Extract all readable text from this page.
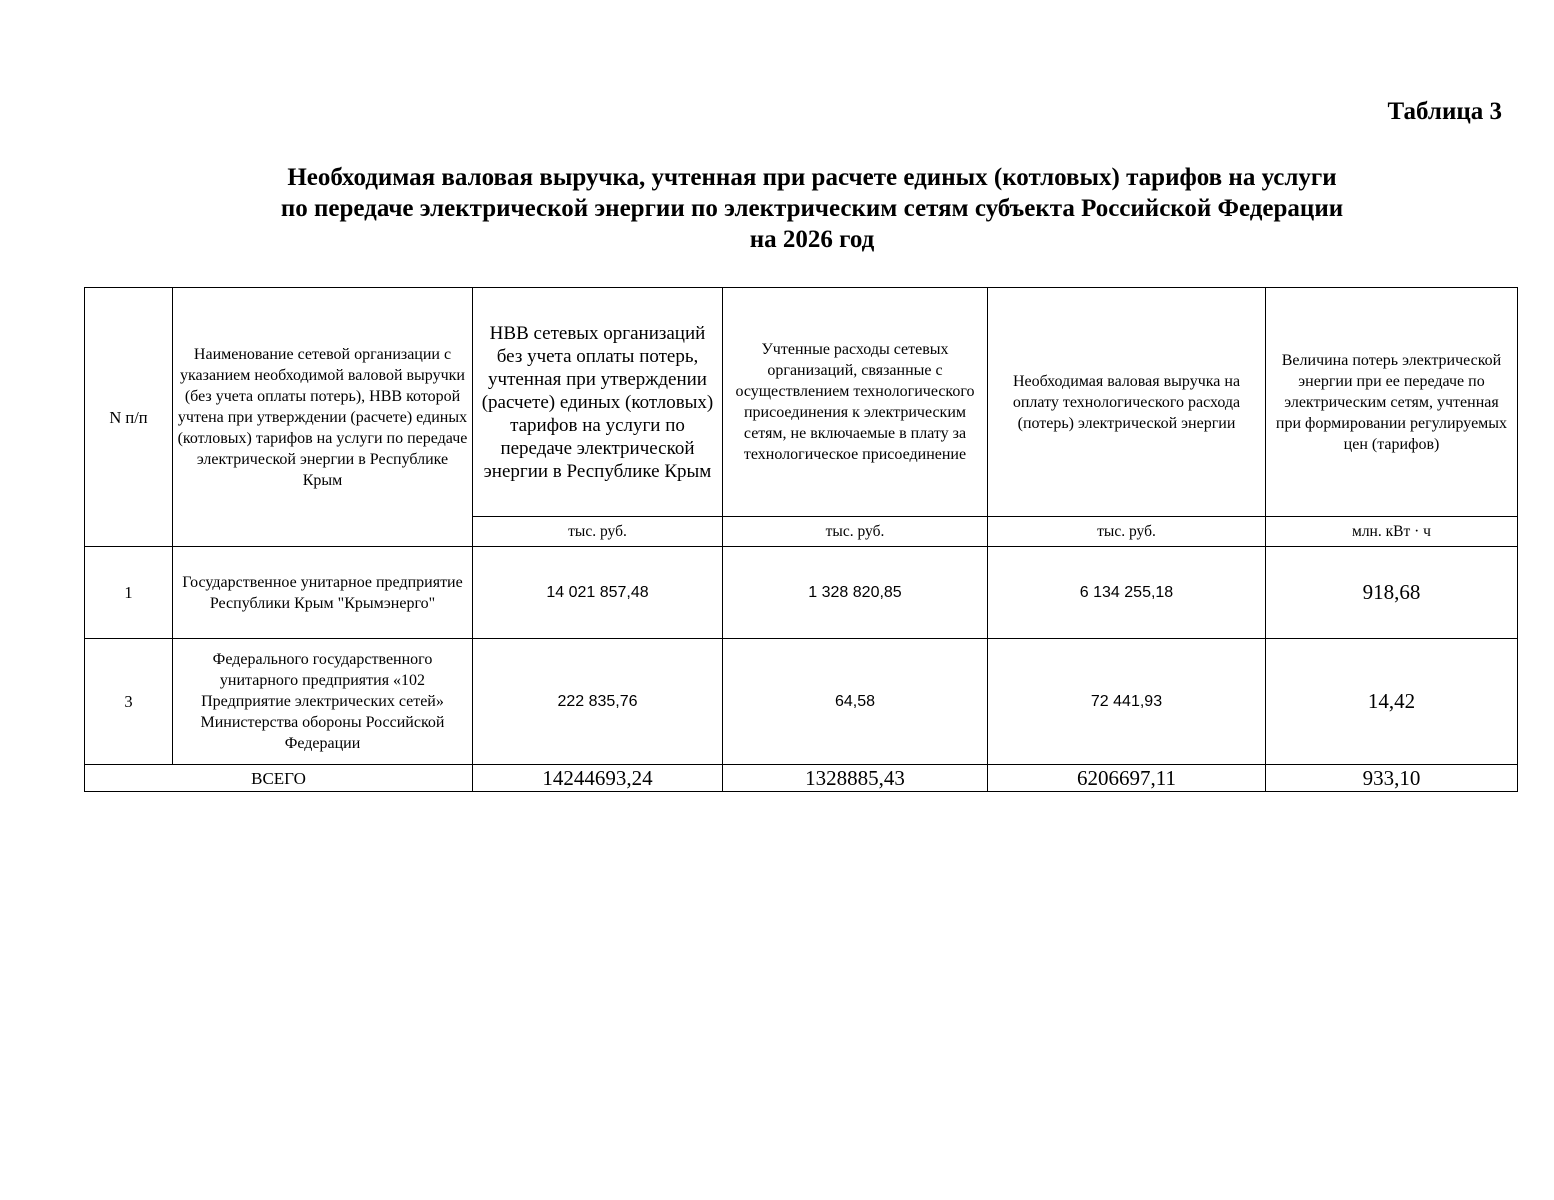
Таблица 3
Необходимая валовая выручка, учтенная при расчете единых (котловых) тарифов на услуги
по передаче электрической энергии по электрическим сетям субъекта Российской Федерации
на 2026 год
N п/п	Наименование сетевой организации с указанием необходимой валовой выручки (без учета оплаты потерь), НВВ которой учтена при утверждении (расчете) единых (котловых) тарифов на услуги по передаче электрической энергии в Республике Крым	НВВ сетевых организаций без учета оплаты потерь, учтенная при утверждении (расчете) единых (котловых) тарифов на услуги по передаче электрической энергии в Республике Крым	Учтенные расходы сетевых организаций, связанные с осуществлением технологического присоединения к электрическим сетям, не включаемые в плату за технологическое присоединение	Необходимая валовая выручка на оплату технологического расхода (потерь) электрической энергии	Величина потерь электрической энергии при ее передаче по электрическим сетям, учтенная при формировании регулируемых цен (тарифов)
		тыс. руб.	тыс. руб.	тыс. руб.	млн. кВт · ч
1	Государственное унитарное предприятие Республики Крым "Крымэнерго"	14 021 857,48	1 328 820,85	6 134 255,18	918,68
3	Федерального государственного унитарного предприятия «102 Предприятие электрических сетей» Министерства обороны Российской Федерации	222 835,76	64,58	72 441,93	14,42
ВСЕГО		14244693,24	1328885,43	6206697,11	933,10
